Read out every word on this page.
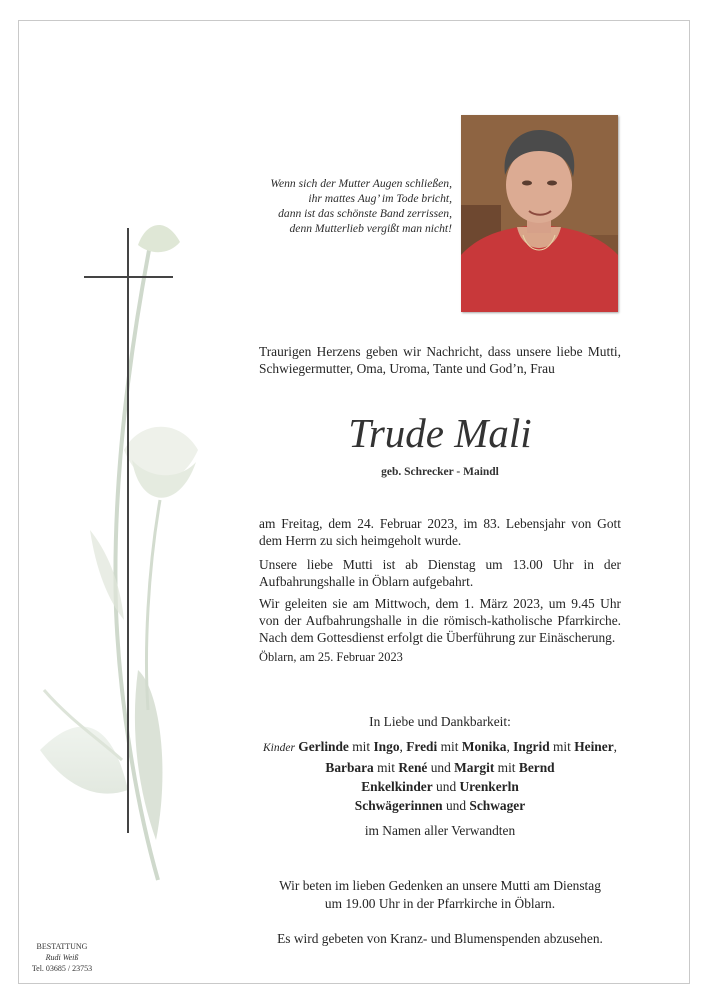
Wenn sich der Mutter Augen schließen,
ihr mattes Aug’ im Tode bricht,
dann ist das schönste Band zerrissen,
denn Mutterlieb vergißt man nicht!
Traurigen Herzens geben wir Nachricht, dass unsere liebe Mutti, Schwiegermutter, Oma, Uroma, Tante und God’n, Frau
Trude Mali
geb. Schrecker - Maindl
am Freitag, dem 24. Februar 2023, im 83. Lebensjahr von Gott dem Herrn zu sich heimgeholt wurde.
Unsere liebe Mutti ist ab Dienstag um 13.00 Uhr in der Aufbahrungshalle in Öblarn aufgebahrt.
Wir geleiten sie am Mittwoch, dem 1. März 2023, um 9.45 Uhr von der Aufbahrungshalle in die römisch-katholische Pfarrkirche. Nach dem Gottesdienst erfolgt die Überführung zur Einäscherung.
Öblarn, am 25. Februar 2023
In Liebe und Dankbarkeit:
Kinder Gerlinde mit Ingo, Fredi mit Monika, Ingrid mit Heiner,
Barbara mit René und Margit mit Bernd
Enkelkinder und Urenkerln
Schwägerinnen und Schwager
im Namen aller Verwandten
Wir beten im lieben Gedenken an unsere Mutti am Dienstag
um 19.00 Uhr in der Pfarrkirche in Öblarn.
Es wird gebeten von Kranz- und Blumenspenden abzusehen.
BESTATTUNG
Rudi Weiß
Tel. 03685 / 23753
